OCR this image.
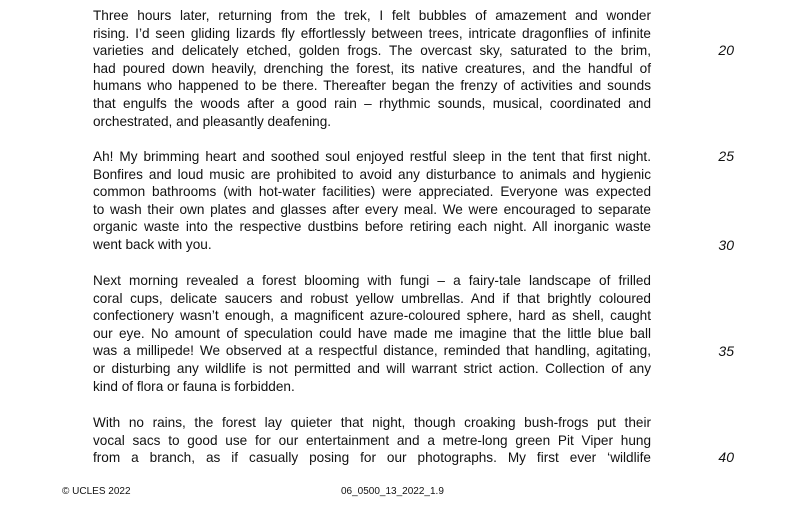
Three hours later, returning from the trek, I felt bubbles of amazement and wonder
rising. I’d seen gliding lizards fly effortlessly between trees, intricate dragonflies of infinite
varieties and delicately etched, golden frogs. The overcast sky, saturated to the brim,
had poured down heavily, drenching the forest, its native creatures, and the handful of
humans who happened to be there. Thereafter began the frenzy of activities and sounds
that engulfs the woods after a good rain – rhythmic sounds, musical, coordinated and
orchestrated, and pleasantly deafening.
Ah! My brimming heart and soothed soul enjoyed restful sleep in the tent that first night.
Bonfires and loud music are prohibited to avoid any disturbance to animals and hygienic
common bathrooms (with hot-water facilities) were appreciated. Everyone was expected
to wash their own plates and glasses after every meal. We were encouraged to separate
organic waste into the respective dustbins before retiring each night. All inorganic waste
went back with you.
Next morning revealed a forest blooming with fungi – a fairy-tale landscape of frilled
coral cups, delicate saucers and robust yellow umbrellas. And if that brightly coloured
confectionery wasn’t enough, a magnificent azure-coloured sphere, hard as shell, caught
our eye. No amount of speculation could have made me imagine that the little blue ball
was a millipede! We observed at a respectful distance, reminded that handling, agitating,
or disturbing any wildlife is not permitted and will warrant strict action. Collection of any
kind of flora or fauna is forbidden.
With no rains, the forest lay quieter that night, though croaking bush-frogs put their
vocal sacs to good use for our entertainment and a metre-long green Pit Viper hung
from a branch, as if casually posing for our photographs. My first ever ‘wildlife
20
25
30
35
40
© UCLES 2022	06_0500_13_2022_1.9
